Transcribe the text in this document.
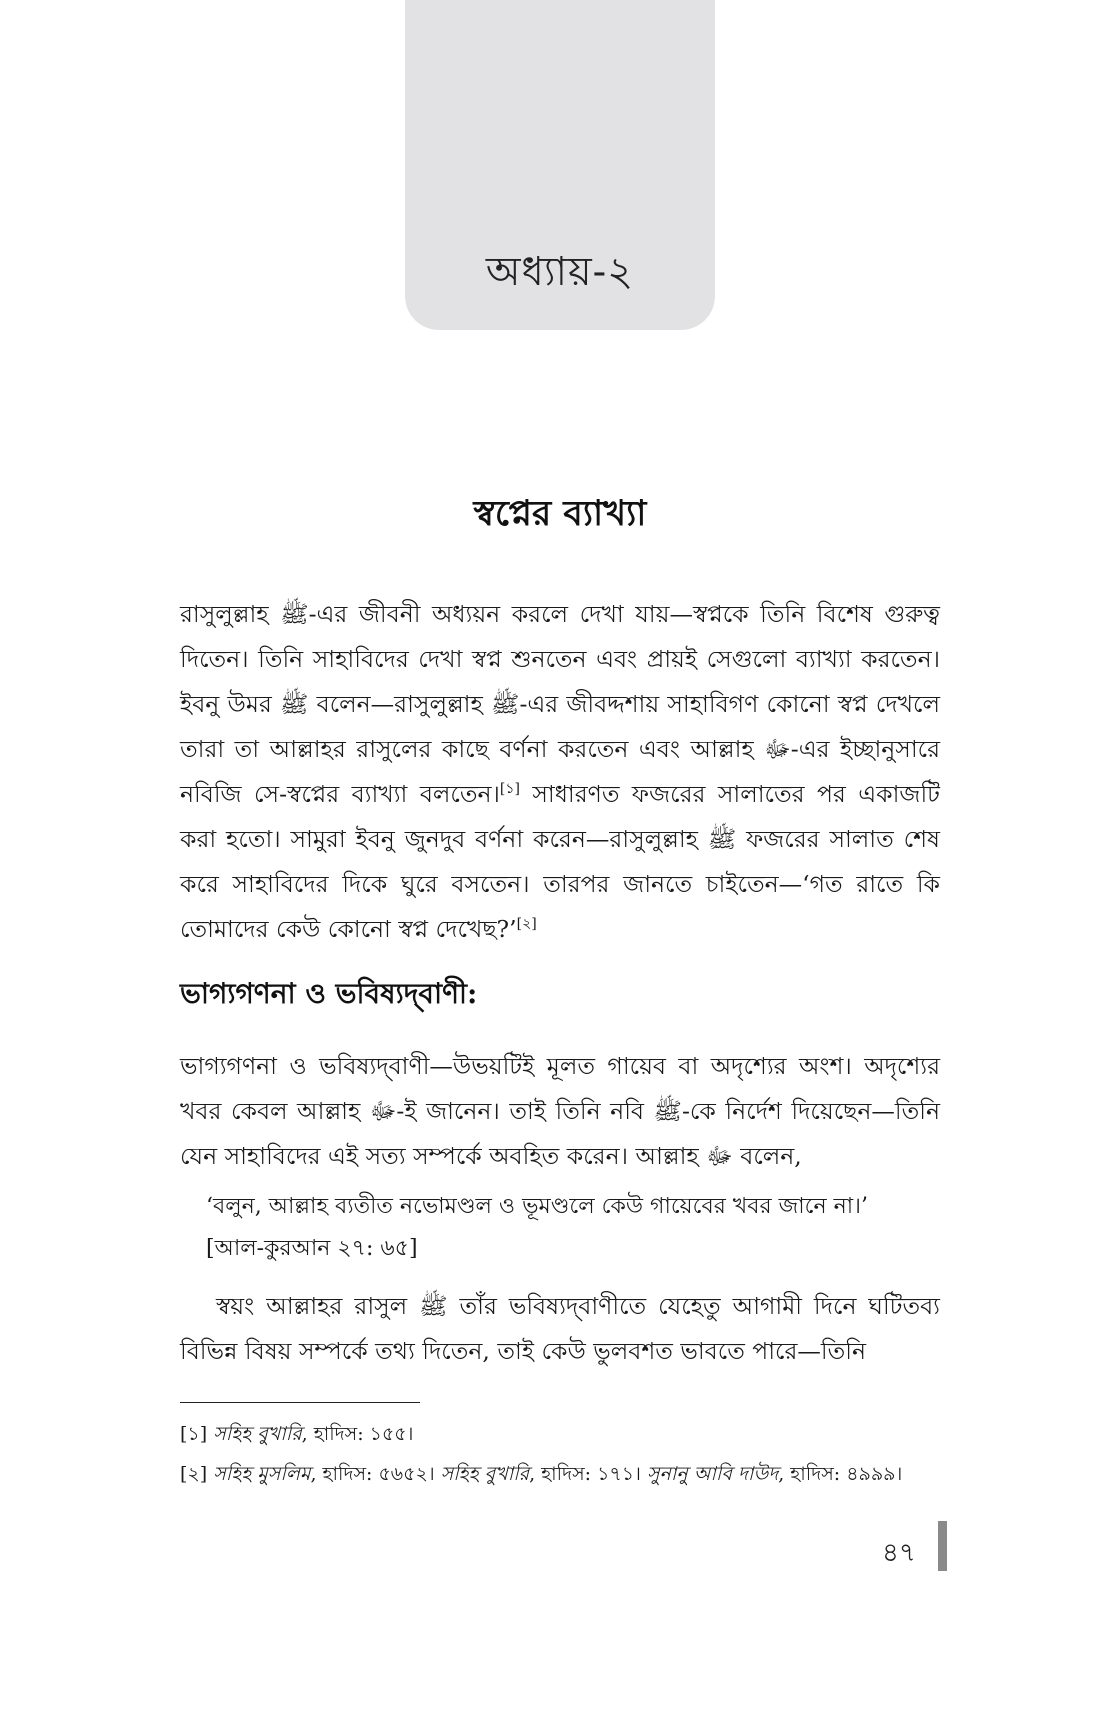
অধ্যায়-২
স্বপ্নের ব্যাখ্যা

রাসুলুল্লাহ ﷺ-এর জীবনী অধ্যয়ন করলে দেখা যায়—স্বপ্নকে তিনি বিশেষ গুরুত্ব দিতেন। তিনি সাহাবিদের দেখা স্বপ্ন শুনতেন এবং প্রায়ই সেগুলো ব্যাখ্যা করতেন। ইবনু উমর ﷺ বলেন—রাসুলুল্লাহ ﷺ-এর জীবদ্দশায় সাহাবিগণ কোনো স্বপ্ন দেখলে তারা তা আল্লাহর রাসুলের কাছে বর্ণনা করতেন এবং আল্লাহ ﷻ-এর ইচ্ছানুসারে নবিজি সে-স্বপ্নের ব্যাখ্যা বলতেন।[১] সাধারণত ফজরের সালাতের পর একাজটি করা হতো। সামুরা ইবনু জুনদুব বর্ণনা করেন—রাসুলুল্লাহ ﷺ ফজরের সালাত শেষ করে সাহাবিদের দিকে ঘুরে বসতেন। তারপর জানতে চাইতেন—‘গত রাতে কি তোমাদের কেউ কোনো স্বপ্ন দেখেছ?’[২]

ভাগ্যগণনা ও ভবিষ্যদ্‌বাণী:

ভাগ্যগণনা ও ভবিষ্যদ্‌বাণী—উভয়টিই মূলত গায়েব বা অদৃশ্যের অংশ। অদৃশ্যের খবর কেবল আল্লাহ ﷻ-ই জানেন। তাই তিনি নবি ﷺ-কে নির্দেশ দিয়েছেন—তিনি যেন সাহাবিদের এই সত্য সম্পর্কে অবহিত করেন। আল্লাহ ﷻ বলেন,

‘বলুন, আল্লাহ ব্যতীত নভোমণ্ডল ও ভূমণ্ডলে কেউ গায়েবের খবর জানে না।’
[আল-কুরআন ২৭: ৬৫]

স্বয়ং আল্লাহর রাসুল ﷺ তাঁর ভবিষ্যদ্‌বাণীতে যেহেতু আগামী দিনে ঘটিতব্য বিভিন্ন বিষয় সম্পর্কে তথ্য দিতেন, তাই কেউ ভুলবশত ভাবতে পারে—তিনি

[১] সহিহ বুখারি, হাদিস: ১৫৫।
[২] সহিহ মুসলিম, হাদিস: ৫৬৫২। সহিহ বুখারি, হাদিস: ১৭১। সুনানু আবি দাউদ, হাদিস: ৪৯৯৯।
৪৭
